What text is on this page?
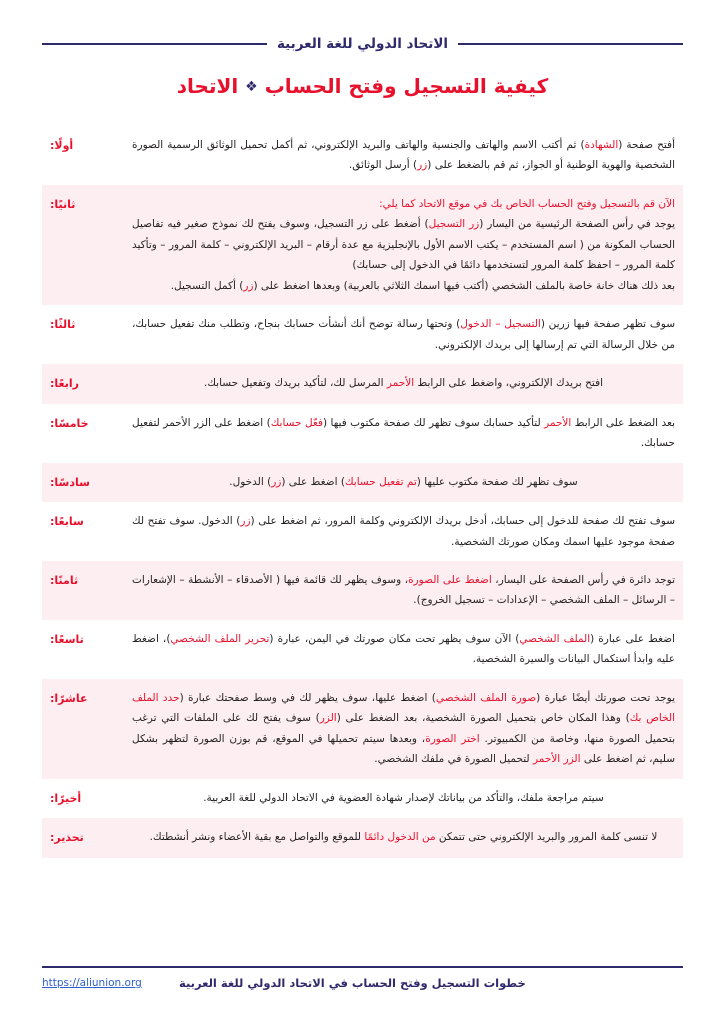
الاتحاد الدولي للغة العربية
كيفية التسجيل وفتح الحساب ❖ الاتحاد
أفتح صفحة (الشهادة) ثم أكتب الاسم والهاتف والجنسية والهاتف والبريد الإلكتروني، ثم أكمل تحميل الوثائق الرسمية الصورة الشخصية والهوية الوطنية أو الجواز، ثم قم بالضغط على (زر) أرسل الوثائق.	أولًا:
الآن قم بالتسجيل وفتح الحساب الخاص بك في موقع الاتحاد كما يلي:
يوجد في رأس الصفحة الرئيسية من اليسار (زر التسجيل) أضغط على زر التسجيل، وسوف يفتح لك نموذج صغير فيه تفاصيل الحساب المكونة من ( اسم المستخدم – يكتب الاسم الأول بالإنجليزية مع عدة أرقام – البريد الإلكتروني – كلمة المرور – وتأكيد كلمة المرور – احفظ كلمة المرور لتستخدمها دائمًا في الدخول إلى حسابك)
بعد ذلك هناك خانة خاصة بالملف الشخصي (أكتب فيها اسمك الثلاثي بالعربية) وبعدها اضغط على (زر) أكمل التسجيل.	ثانيًا:
سوف تظهر صفحة فيها زرين (التسجيل – الدخول) وتحتها رسالة توضح أنك أنشأت حسابك بنجاح، وتطلب منك تفعيل حسابك، من خلال الرسالة التي تم إرسالها إلى بريدك الإلكتروني.	ثالثًا:
افتح بريدك الإلكتروني، واضغط على الرابط الأحمر المرسل لك، لتأكيد بريدك وتفعيل حسابك.	رابعًا:
بعد الضغط على الرابط الأحمر لتأكيد حسابك سوف تظهر لك صفحة مكتوب فيها (فعّل حسابك) اضغط على الزر الأحمر لتفعيل حسابك.	خامسًا:
سوف تظهر لك صفحة مكتوب عليها (تم تفعيل حسابك) اضغط على (زر) الدخول.	سادسًا:
سوف تفتح لك صفحة للدخول إلى حسابك، أدخل بريدك الإلكتروني وكلمة المرور، ثم اضغط على (زر) الدخول. سوف تفتح لك صفحة موجود عليها اسمك ومكان صورتك الشخصية.	سابعًا:
توجد دائرة في رأس الصفحة على اليسار، اضغط على الصورة، وسوف يظهر لك قائمة فيها ( الأصدقاء – الأنشطة – الإشعارات – الرسائل – الملف الشخصي – الإعدادات – تسجيل الخروج).	ثامنًا:
اضغط على عبارة (الملف الشخصي) الآن سوف يظهر تحت مكان صورتك في اليمن، عبارة (تحرير الملف الشخصي)، اضغط عليه وابدأ استكمال البيانات والسيرة الشخصية.	تاسعًا:
يوجد تحت صورتك أيضًا عبارة (صورة الملف الشخصي) اضغط عليها، سوف يظهر لك في وسط صفحتك عبارة (حدد الملف الخاص بك) وهذا المكان خاص بتحميل الصورة الشخصية، بعد الضغط على (الزر) سوف يفتح لك على الملفات التي ترغب بتحميل الصورة منها، وخاصة من الكمبيوتر. اختر الصورة، وبعدها سيتم تحميلها في الموقع، قم بوزن الصورة لتظهر بشكل سليم، ثم اضغط على الزر الأحمر لتحميل الصورة في ملفك الشخصي.	عاشرًا:
سيتم مراجعة ملفك، والتأكد من بياناتك لإصدار شهادة العضوية في الاتحاد الدولي للغة العربية.	أخيرًا:
لا تنسى كلمة المرور والبريد الإلكتروني حتى تتمكن من الدخول دائمًا للموقع والتواصل مع بقية الأعضاء ونشر أنشطتك.	تحذير:
خطوات التسجيل وفتح الحساب في الاتحاد الدولي للغة العربية
https://aliunion.org
